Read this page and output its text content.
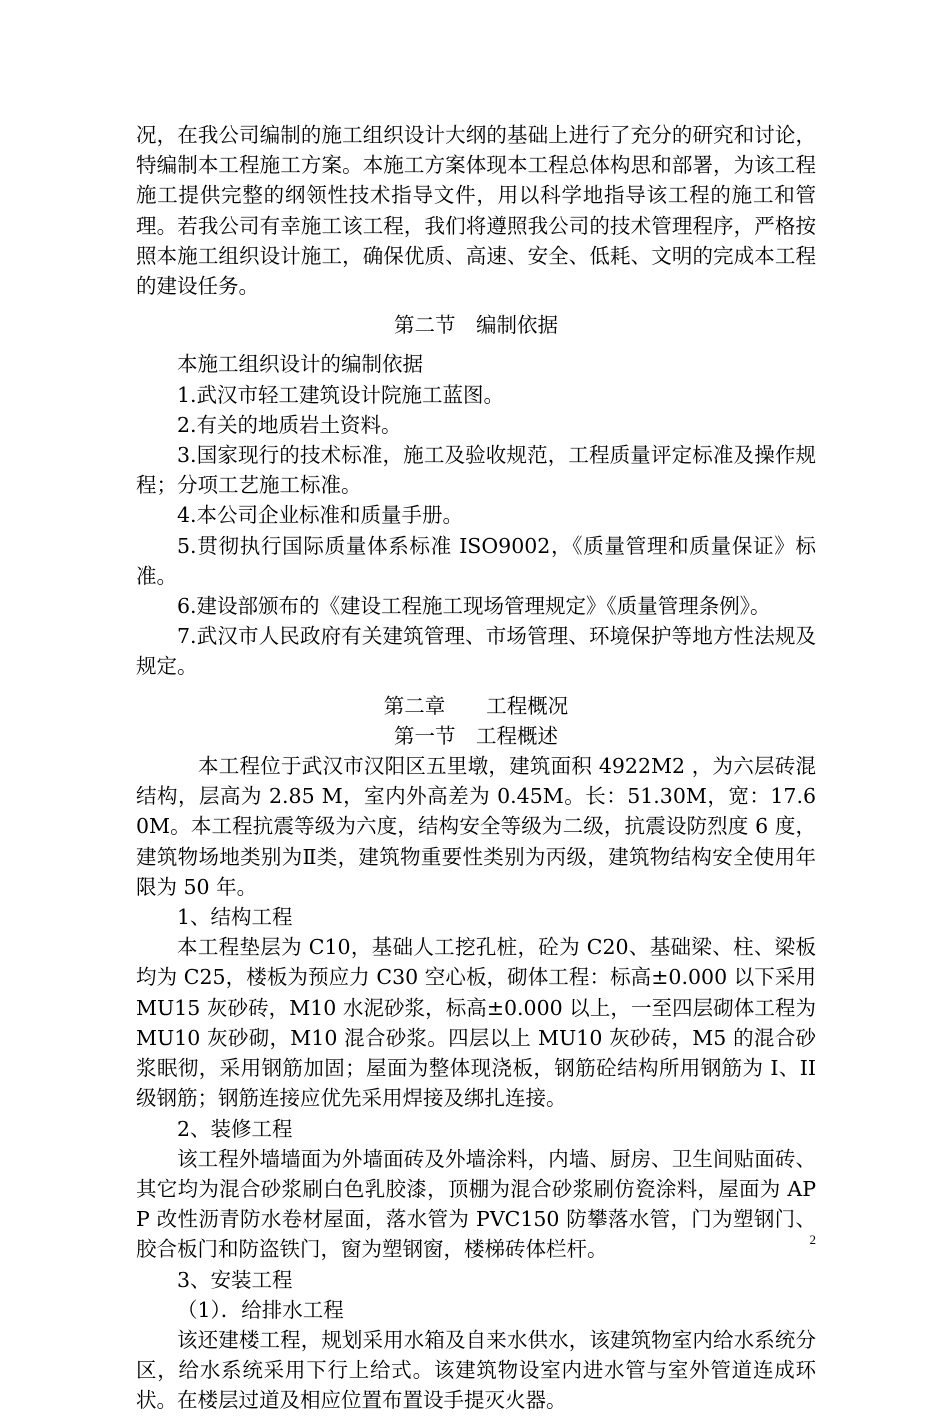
况，在我公司编制的施工组织设计大纲的基础上进行了充分的研究和讨论，特编制本工程施工方案。本施工方案体现本工程总体构思和部署，为该工程施工提供完整的纲领性技术指导文件，用以科学地指导该工程的施工和管理。若我公司有幸施工该工程，我们将遵照我公司的技术管理程序，严格按照本施工组织设计施工，确保优质、高速、安全、低耗、文明的完成本工程的建设任务。

第二节　编制依据

本施工组织设计的编制依据

1.武汉市轻工建筑设计院施工蓝图。

2.有关的地质岩土资料。

3.国家现行的技术标准，施工及验收规范，工程质量评定标准及操作规程；分项工艺施工标准。

4.本公司企业标准和质量手册。

5.贯彻执行国际质量体系标准 ISO9002，《质量管理和质量保证》标准。

6.建设部颁布的《建设工程施工现场管理规定》《质量管理条例》。

7.武汉市人民政府有关建筑管理、市场管理、环境保护等地方性法规及规定。

第二章　　工程概况

第一节　工程概述

本工程位于武汉市汉阳区五里墩，建筑面积 4922M2 ，为六层砖混结构，层高为 2.85 M，室内外高差为 0.45M。长：51.30M，宽：17.60M。本工程抗震等级为六度，结构安全等级为二级，抗震设防烈度 6 度，建筑物场地类别为Ⅱ类，建筑物重要性类别为丙级，建筑物结构安全使用年限为 50 年。

1、结构工程

本工程垫层为 C10，基础人工挖孔桩，砼为 C20、基础梁、柱、梁板均为 C25，楼板为预应力 C30 空心板，砌体工程：标高±0.000 以下采用 MU15 灰砂砖，M10 水泥砂浆，标高±0.000 以上，一至四层砌体工程为 MU10 灰砂砌，M10 混合砂浆。四层以上 MU10 灰砂砖，M5 的混合砂浆眠彻，采用钢筋加固；屋面为整体现浇板，钢筋砼结构所用钢筋为 I、II 级钢筋；钢筋连接应优先采用焊接及绑扎连接。

2、装修工程

该工程外墙墙面为外墙面砖及外墙涂料，内墙、厨房、卫生间贴面砖、其它均为混合砂浆刷白色乳胶漆，顶棚为混合砂浆刷仿瓷涂料，屋面为 APP 改性沥青防水卷材屋面，落水管为 PVC150 防攀落水管，门为塑钢门、胶合板门和防盗铁门，窗为塑钢窗，楼梯砖体栏杆。

3、安装工程

（1）．给排水工程

该还建楼工程，规划采用水箱及自来水供水，该建筑物室内给水系统分区，给水系统采用下行上给式。该建筑物设室内进水管与室外管道连成环状。在楼层过道及相应位置布置设手提灭火器。

2
